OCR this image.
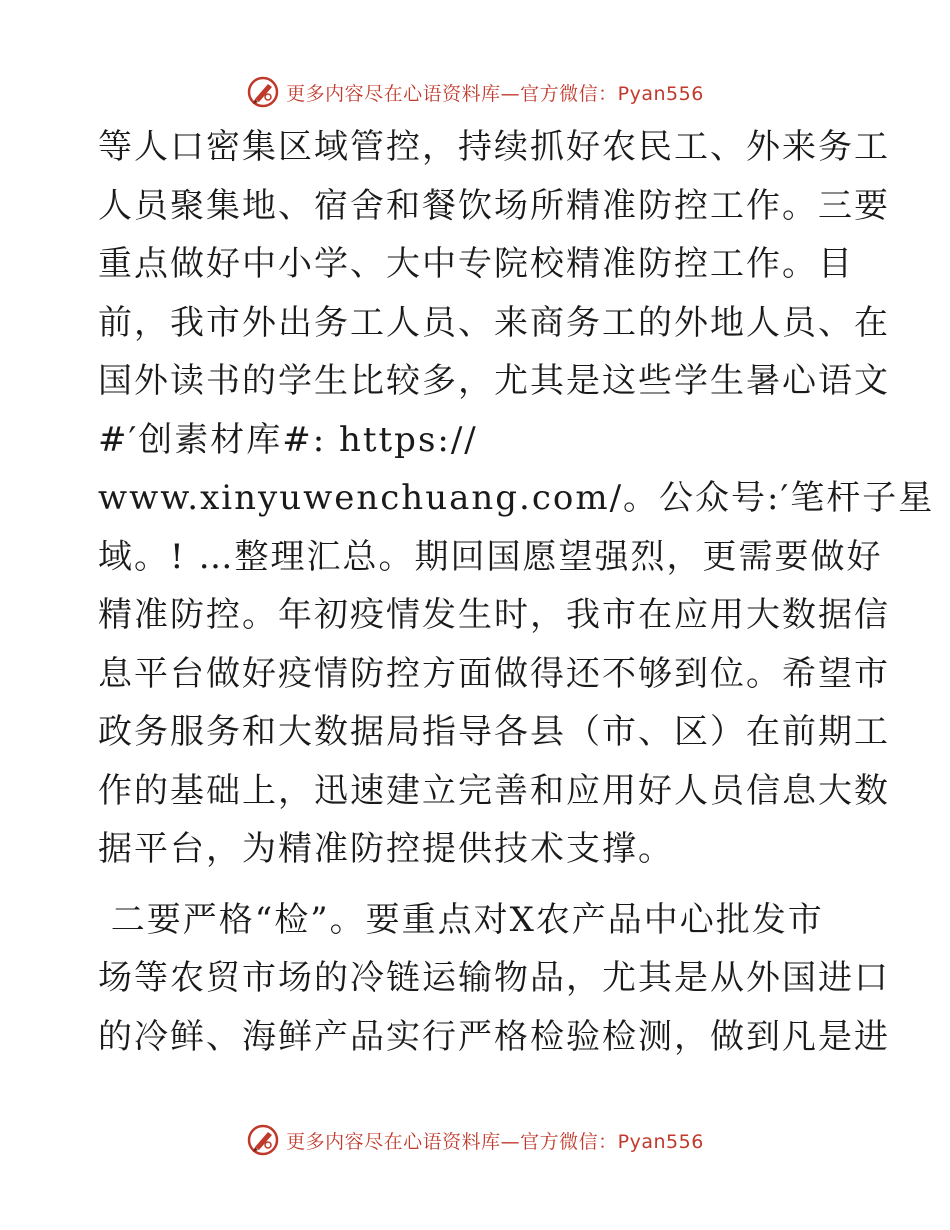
更多内容尽在心语资料库—官方微信：Pyan556

等人口密集区域管控，持续抓好农民工、外来务工
人员聚集地、宿舍和餐饮场所精准防控工作。三要
重点做好中小学、大中专院校精准防控工作。目
前，我市外出务工人员、来商务工的外地人员、在
国外读书的学生比较多，尤其是这些学生暑心语文
#′创素材库#: https://
www.xinyuwenchuang.com/。公众号:′笔杆子星
域。! …整理汇总。期回国愿望强烈，更需要做好
精准防控。年初疫情发生时，我市在应用大数据信
息平台做好疫情防控方面做得还不够到位。希望市
政务服务和大数据局指导各县（市、区）在前期工
作的基础上，迅速建立完善和应用好人员信息大数
据平台，为精准防控提供技术支撑。

二要严格“检”。要重点对X农产品中心批发市
场等农贸市场的冷链运输物品，尤其是从外国进口
的冷鲜、海鲜产品实行严格检验检测，做到凡是进

更多内容尽在心语资料库—官方微信：Pyan556
